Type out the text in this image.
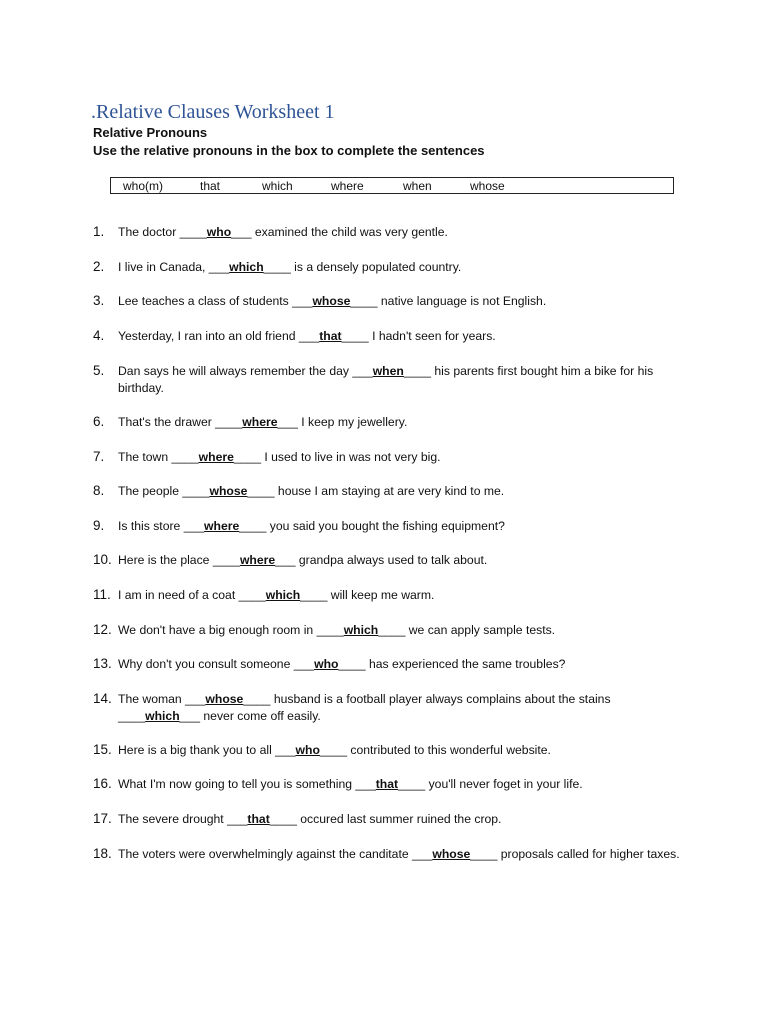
.Relative Clauses Worksheet 1
Relative Pronouns
Use the relative pronouns in the box to complete the sentences
who(m)	that	which	where	when	whose
1.	The doctor ____who___ examined the child was very gentle.
2.	I live in Canada, ___which____ is a densely populated country.
3.	Lee teaches a class of students ___whose____ native language is not English.
4.	Yesterday, I ran into an old friend ___that____ I hadn't seen for years.
5.	Dan says he will always remember the day ___when____ his parents first bought him a bike for his birthday.
6.	That's the drawer ____where___ I keep my jewellery.
7.	The town ____where____ I used to live in was not very big.
8.	The people ____whose____ house I am staying at are very kind to me.
9.	Is this store ___where____ you said you bought the fishing equipment?
10. Here is the place ____where___ grandpa always used to talk about.
11. I am in need of a coat ____which____ will keep me warm.
12. We don't have a big enough room in ____which____ we can apply sample tests.
13. Why don't you consult someone ___who____ has experienced the same troubles?
14. The woman ___whose____ husband is a football player always complains about the stains ____which___ never come off easily.
15. Here is a big thank you to all ___who____ contributed to this wonderful website.
16. What I'm now going to tell you is something ___that____ you'll never foget in your life.
17. The severe drought ___that____ occured last summer ruined the crop.
18. The voters were overwhelmingly against the canditate ___whose____ proposals called for higher taxes.
